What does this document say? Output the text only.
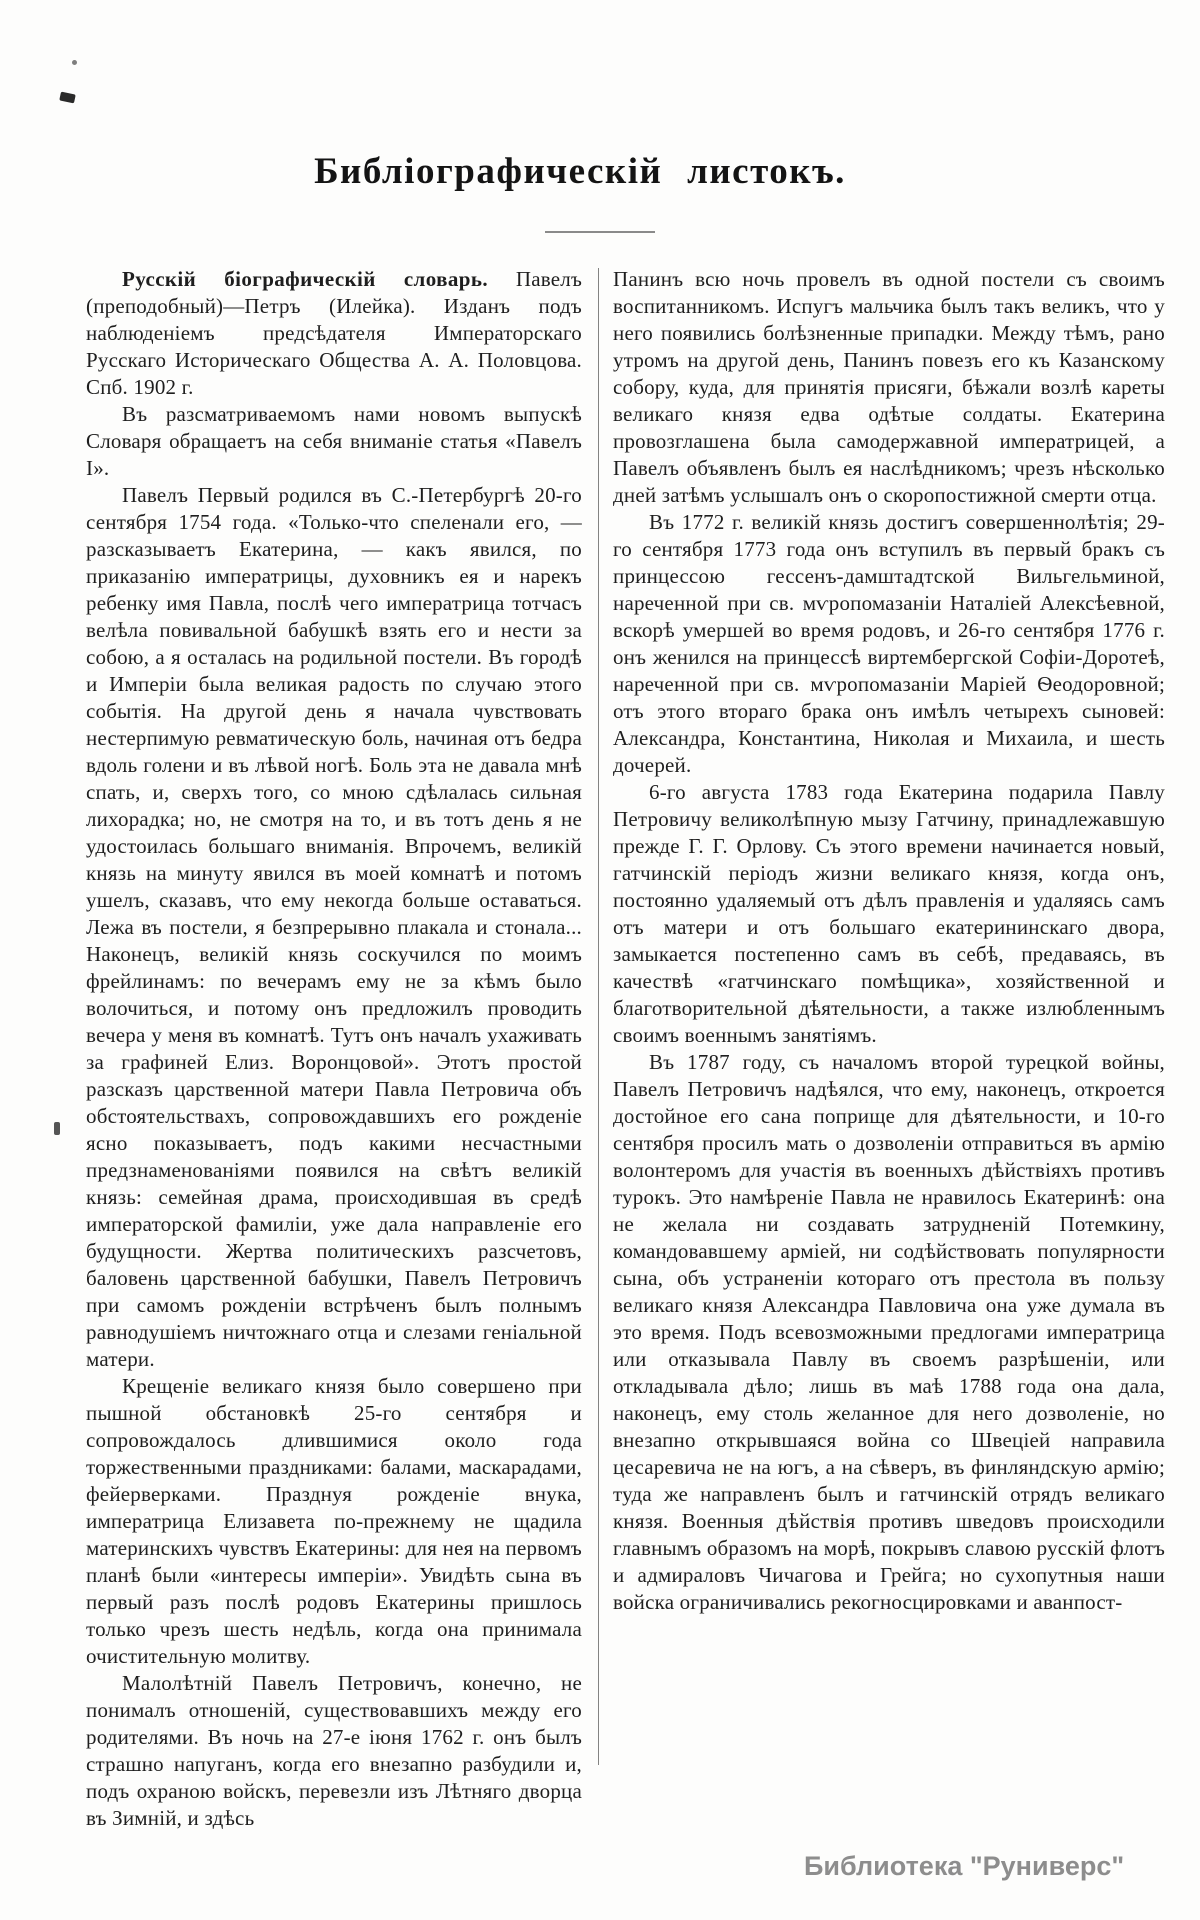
Библіографическій листокъ.

Русскій біографическій словарь. Павелъ (преподобный)—Петръ (Илейка). Изданъ подъ наблюденіемъ предсѣдателя Императорскаго Русскаго Историческаго Общества А. А. Половцова. Спб. 1902 г.

Въ разсматриваемомъ нами новомъ выпускѣ Словаря обращаетъ на себя вниманіе статья «Павелъ I».

Павелъ Первый родился въ С.-Петербургѣ 20-го сентября 1754 года. «Только-что спеленали его, — разсказываетъ Екатерина, — какъ явился, по приказанію императрицы, духовникъ ея и нарекъ ребенку имя Павла, послѣ чего императрица тотчасъ велѣла повивальной бабушкѣ взять его и нести за собою, а я осталась на родильной постели. Въ городѣ и Имперіи была великая радость по случаю этого событія. На другой день я начала чувствовать нестерпимую ревматическую боль, начиная отъ бедра вдоль голени и въ лѣвой ногѣ. Боль эта не давала мнѣ спать, и, сверхъ того, со мною сдѣлалась сильная лихорадка; но, не смотря на то, и въ тотъ день я не удостоилась большаго вниманія. Впрочемъ, великій князь на минуту явился въ моей комнатѣ и потомъ ушелъ, сказавъ, что ему некогда больше оставаться. Лежа въ постели, я безпрерывно плакала и стонала... Наконецъ, великій князь соскучился по моимъ фрейлинамъ: по вечерамъ ему не за кѣмъ было волочиться, и потому онъ предложилъ проводить вечера у меня въ комнатѣ. Тутъ онъ началъ ухаживать за графиней Елиз. Воронцовой». Этотъ простой разсказъ царственной матери Павла Петровича объ обстоятельствахъ, сопровождавшихъ его рожденіе ясно показываетъ, подъ какими несчастными предзнаменованіями появился на свѣтъ великій князь: семейная драма, происходившая въ средѣ императорской фамиліи, уже дала направленіе его будущности. Жертва политическихъ разсчетовъ, баловень царственной бабушки, Павелъ Петровичъ при самомъ рожденіи встрѣченъ былъ полнымъ равнодушіемъ ничтожнаго отца и слезами геніальной матери.

Крещеніе великаго князя было совершено при пышной обстановкѣ 25-го сентября и сопровождалось длившимися около года торжественными праздниками: балами, маскарадами, фейерверками. Празднуя рожденіе внука, императрица Елизавета по-прежнему не щадила материнскихъ чувствъ Екатерины: для нея на первомъ планѣ были «интересы имперіи». Увидѣть сына въ первый разъ послѣ родовъ Екатерины пришлось только чрезъ шесть недѣль, когда она принимала очистительную молитву.

Малолѣтній Павелъ Петровичъ, конечно, не понималъ отношеній, существовавшихъ между его родителями. Въ ночь на 27-е іюня 1762 г. онъ былъ страшно напуганъ, когда его внезапно разбудили и, подъ охраною войскъ, перевезли изъ Лѣтняго дворца въ Зимній, и здѣсь

Панинъ всю ночь провелъ въ одной постели съ своимъ воспитанникомъ. Испугъ мальчика былъ такъ великъ, что у него появились болѣзненные припадки. Между тѣмъ, рано утромъ на другой день, Панинъ повезъ его къ Казанскому собору, куда, для принятія присяги, бѣжали возлѣ кареты великаго князя едва одѣтые солдаты. Екатерина провозглашена была самодержавной императрицей, а Павелъ объявленъ былъ ея наслѣдникомъ; чрезъ нѣсколько дней затѣмъ услышалъ онъ о скоропостижной смерти отца.

Въ 1772 г. великій князь достигъ совершеннолѣтія; 29-го сентября 1773 года онъ вступилъ въ первый бракъ съ принцессою гессенъ-дамштадтской Вильгельминой, нареченной при св. мѵропомазаніи Наталіей Алексѣевной, вскорѣ умершей во время родовъ, и 26-го сентября 1776 г. онъ женился на принцессѣ виртембергской Софіи-Доротеѣ, нареченной при св. мѵропомазаніи Маріей Ѳеодоровной; отъ этого втораго брака онъ имѣлъ четырехъ сыновей: Александра, Константина, Николая и Михаила, и шесть дочерей.

6-го августа 1783 года Екатерина подарила Павлу Петровичу великолѣпную мызу Гатчину, принадлежавшую прежде Г. Г. Орлову. Съ этого времени начинается новый, гатчинскій періодъ жизни великаго князя, когда онъ, постоянно удаляемый отъ дѣлъ правленія и удаляясь самъ отъ матери и отъ большаго екатерининскаго двора, замыкается постепенно самъ въ себѣ, предаваясь, въ качествѣ «гатчинскаго помѣщика», хозяйственной и благотворительной дѣятельности, а также излюбленнымъ своимъ военнымъ занятіямъ.

Въ 1787 году, съ началомъ второй турецкой войны, Павелъ Петровичъ надѣялся, что ему, наконецъ, откроется достойное его сана поприще для дѣятельности, и 10-го сентября просилъ мать о дозволеніи отправиться въ армію волонтеромъ для участія въ военныхъ дѣйствіяхъ противъ турокъ. Это намѣреніе Павла не нравилось Екатеринѣ: она не желала ни создавать затрудненій Потемкину, командовавшему арміей, ни содѣйствовать популярности сына, объ устраненіи котораго отъ престола въ пользу великаго князя Александра Павловича она уже думала въ это время. Подъ всевозможными предлогами императрица или отказывала Павлу въ своемъ разрѣшеніи, или откладывала дѣло; лишь въ маѣ 1788 года она дала, наконецъ, ему столь желанное для него дозволеніе, но внезапно открывшаяся война со Швеціей направила цесаревича не на югъ, а на сѣверъ, въ финляндскую армію; туда же направленъ былъ и гатчинскій отрядъ великаго князя. Военныя дѣйствія противъ шведовъ происходили главнымъ образомъ на морѣ, покрывъ славою русскій флотъ и адмираловъ Чичагова и Грейга; но сухопутныя наши войска ограничивались рекогносцировками и аванпост-

Библиотека "Руниверс"
